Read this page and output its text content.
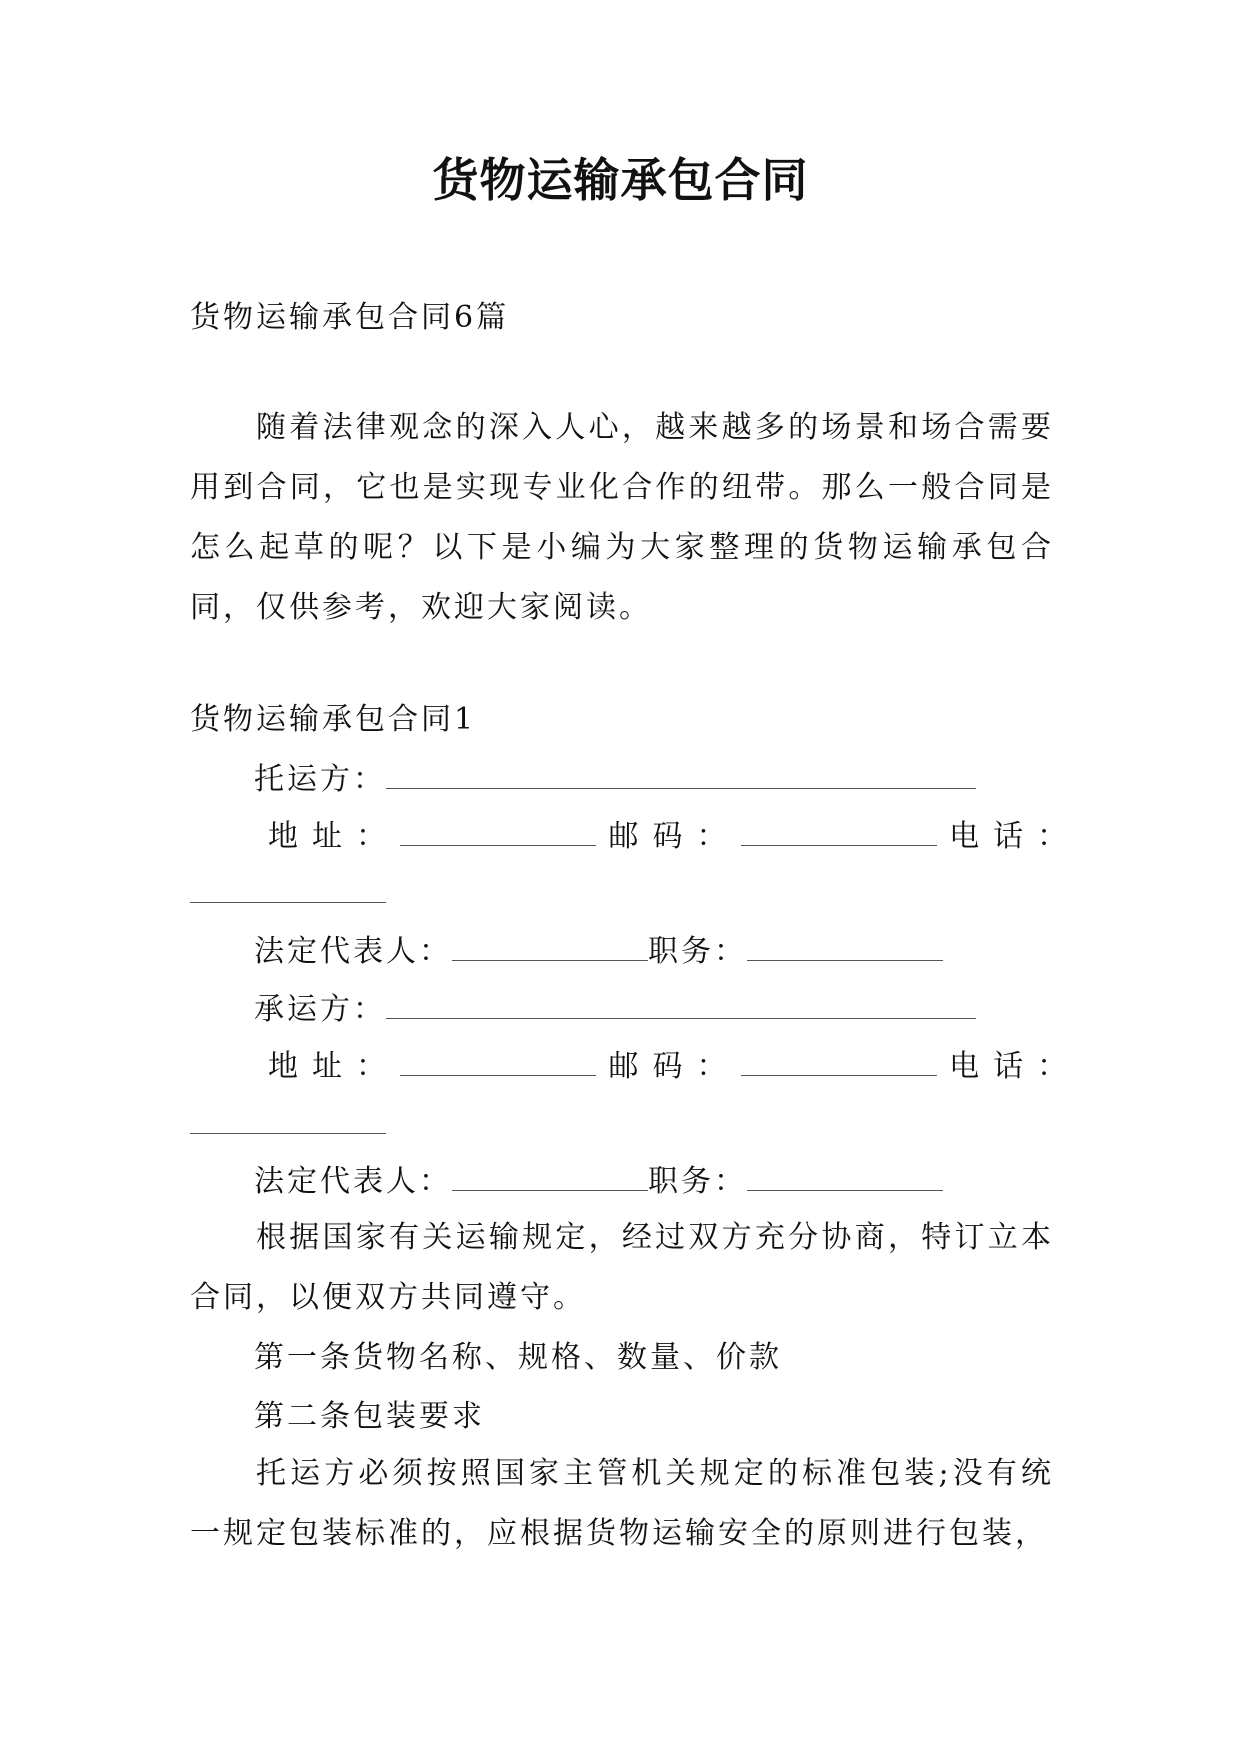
货物运输承包合同
货物运输承包合同6篇
随着法律观念的深入人心，越来越多的场景和场合需要用到合同，它也是实现专业化合作的纽带。那么一般合同是怎么起草的呢？以下是小编为大家整理的货物运输承包合同，仅供参考，欢迎大家阅读。
货物运输承包合同1
托运方：
地址：	邮码：	电话：
法定代表人：	职务：
承运方：
地址：	邮码：	电话：
法定代表人：	职务：
根据国家有关运输规定，经过双方充分协商，特订立本合同，以便双方共同遵守。
第一条货物名称、规格、数量、价款
第二条包装要求
托运方必须按照国家主管机关规定的标准包装;没有统一规定包装标准的，应根据货物运输安全的原则进行包装，
